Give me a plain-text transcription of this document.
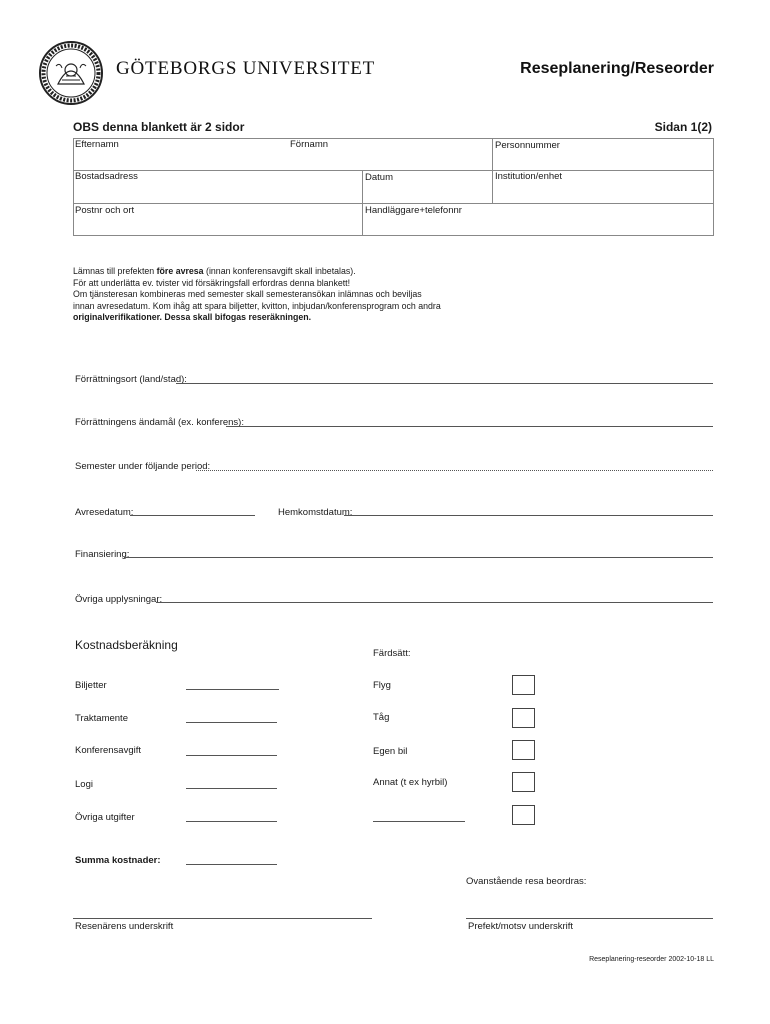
GÖTEBORGS UNIVERSITET	Reseplanering/Reseorder
OBS denna blankett är 2 sidor	Sidan 1(2)
Efternamn	Förnamn	Personnummer
Bostadsadress	Datum	Institution/enhet
Postnr och ort	Handläggare+telefonnr
Lämnas till prefekten före avresa (innan konferensavgift skall inbetalas).
För att underlätta ev. tvister vid försäkringsfall erfordras denna blankett!
Om tjänsteresan kombineras med semester skall semesteransökan inlämnas och beviljas
innan avresedatum. Kom ihåg att spara biljetter, kvitton, inbjudan/konferensprogram och andra
originalverifikationer. Dessa skall bifogas reseräkningen.
Förrättningsort (land/stad):
Förrättningens ändamål (ex. konferens):
Semester under följande period:
Avresedatum:	Hemkomstdatum:
Finansiering:
Övriga upplysningar:
Kostnadsberäkning
Biljetter
Traktamente
Konferensavgift
Logi
Övriga utgifter
Summa kostnader:
Färdsätt:
Flyg
Tåg
Egen bil
Annat (t ex hyrbil)
Ovanstående resa beordras:
Resenärens underskrift	Prefekt/motsv underskrift
Reseplanering-reseorder 2002-10-18 LL
